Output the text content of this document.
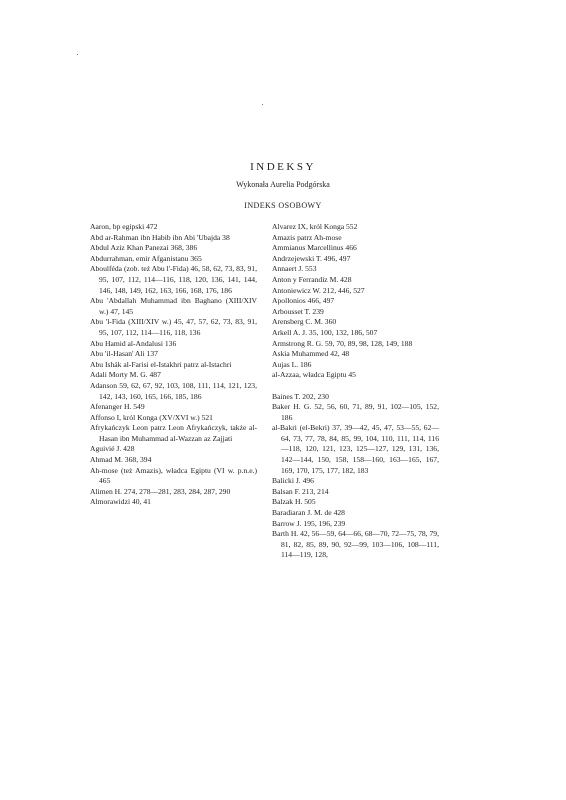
INDEKSY
Wykonała Aurelia Podgórska
INDEKS OSOBOWY
Aaron, bp egipski 472
Abd ar-Rahman ibn Habib ibn Abi 'Ubajda 38
Abdul Aziz Khan Panezai 368, 386
Abdurrahman, emir Afganistanu 365
Aboulféda (zob. też Abu l'-Fida) 46, 58, 62, 73, 83, 91, 95, 107, 112, 114—116, 118, 120, 136, 141, 144, 146, 148, 149, 162, 163, 166, 168, 176, 186
Abu 'Abdallah Muhammad ibn Baghano (XIII/XIV w.) 47, 145
Abu 'l-Fida (XIII/XIV w.) 45, 47, 57, 62, 73, 83, 91, 95, 107, 112, 114—116, 118, 136
Abu Hamid al-Andalusi 136
Abu 'il-Hasan' Ali 137
Abu Ishák al-Farisi el-Istakhri patrz al-Istachri
Adali Morty M. G. 487
Adanson 59, 62, 67, 92, 103, 108, 111, 114, 121, 123, 142, 143, 160, 165, 166, 185, 186
Afenanger H. 549
Affonso I, król Konga (XV/XVI w.) 521
Afrykańczyk Leon patrz Leon Afrykańczyk, także al-Hasan ibn Muhammad al-Wazzan az Zajjati
Aguivié J. 428
Ahmad M. 368, 394
Ah-mose (też Amazis), władca Egiptu (VI w. p.n.e.) 465
Alimen H. 274, 278—281, 283, 284, 287, 290
Almorawidzi 40, 41
Alvarez IX, król Konga 552
Amazis patrz Ah-mose
Ammianus Marcellinus 466
Andrzejewski T. 496, 497
Annaert J. 553
Anton y Ferrandiz M. 428
Antoniewicz W. 212, 446, 527
Apollonios 466, 497
Arbousset T. 239
Arensberg C. M. 360
Arkell A. J. 35, 100, 132, 186, 507
Armstrong R. G. 59, 70, 89, 98, 128, 149, 188
Askia Muhammed 42, 48
Aujas L. 186
al-Azzaa, władca Egiptu 45
Baines T. 202, 230
Baker H. G. 52, 56, 60, 71, 89, 91, 102—105, 152, 186
al-Bakri (el-Bekri) 37, 39—42, 45, 47, 53—55, 62—64, 73, 77, 78, 84, 85, 99, 104, 110, 111, 114, 116—118, 120, 121, 123, 125—127, 129, 131, 136, 142—144, 150, 158, 158—160, 163—165, 167, 169, 170, 175, 177, 182, 183
Balicki J. 496
Balsan F. 213, 214
Balzak H. 505
Baradiaran J. M. de 428
Barrow J. 195, 196, 239
Barth H. 42, 56—59, 64—66, 68—70, 72—75, 78, 79, 81, 82, 85, 89, 90, 92—99, 103—106, 108—111, 114—119, 128,
